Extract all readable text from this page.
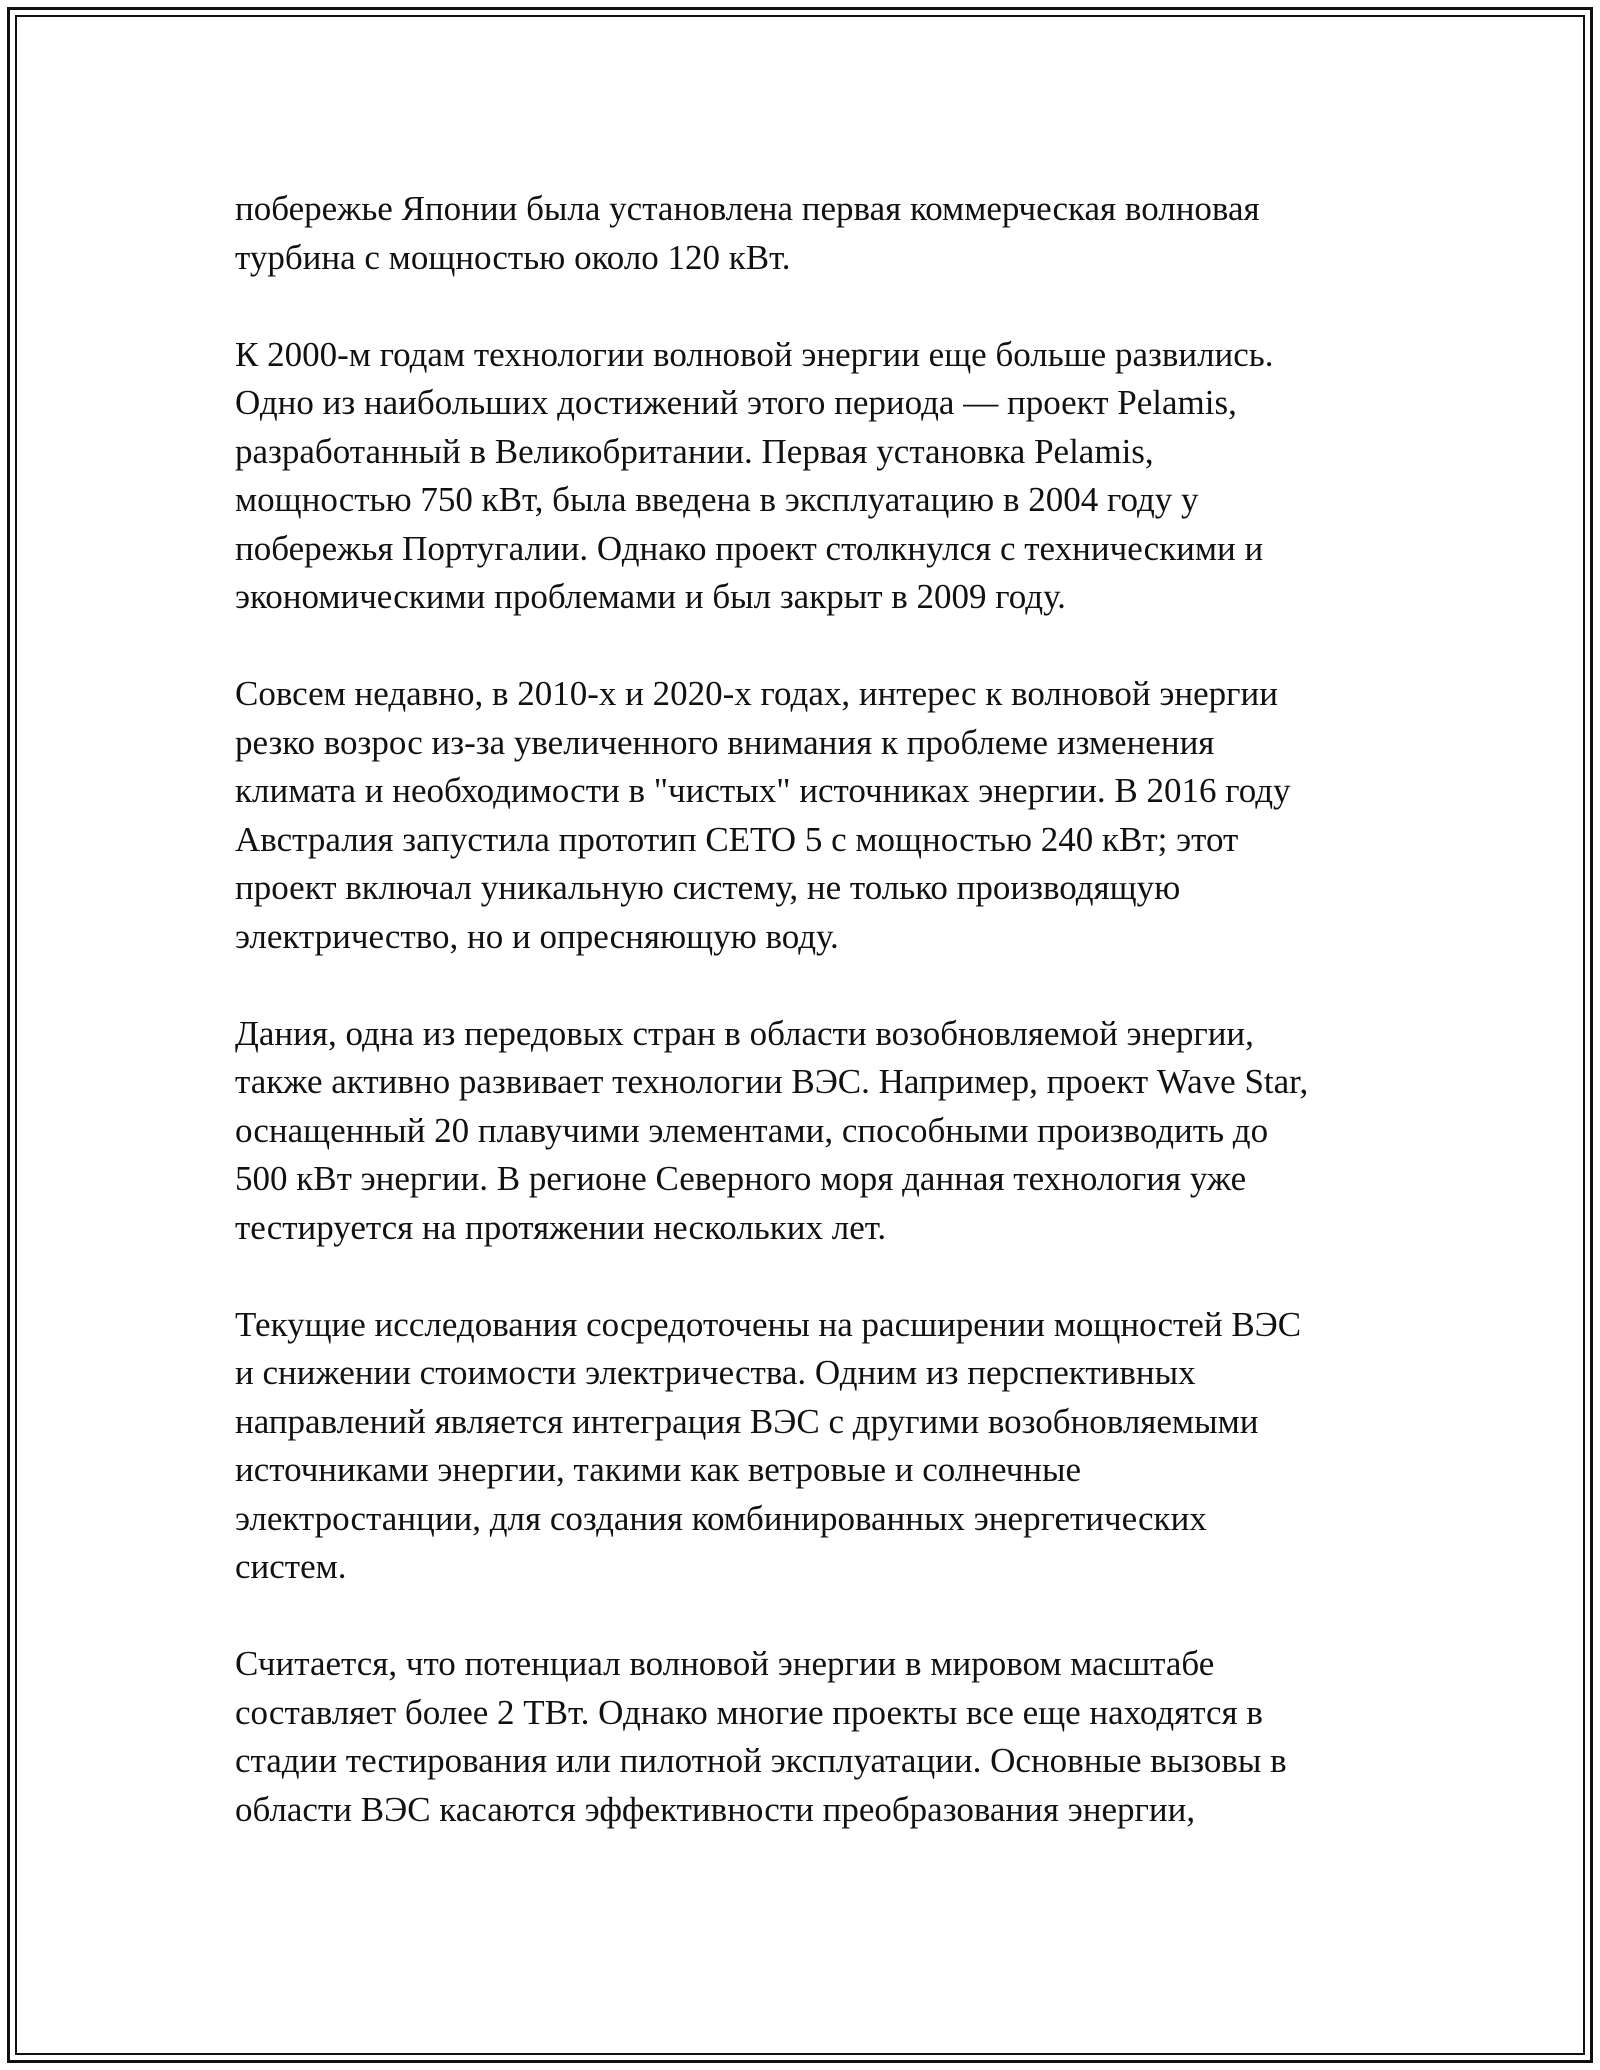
побережье Японии была установлена первая коммерческая волновая
турбина с мощностью около 120 кВт.

К 2000-м годам технологии волновой энергии еще больше развились.
Одно из наибольших достижений этого периода — проект Pelamis,
разработанный в Великобритании. Первая установка Pelamis,
мощностью 750 кВт, была введена в эксплуатацию в 2004 году у
побережья Португалии. Однако проект столкнулся с техническими и
экономическими проблемами и был закрыт в 2009 году.

Совсем недавно, в 2010-х и 2020-х годах, интерес к волновой энергии
резко возрос из-за увеличенного внимания к проблеме изменения
климата и необходимости в "чистых" источниках энергии. В 2016 году
Австралия запустила прототип CETO 5 с мощностью 240 кВт; этот
проект включал уникальную систему, не только производящую
электричество, но и опресняющую воду.

Дания, одна из передовых стран в области возобновляемой энергии,
также активно развивает технологии ВЭС. Например, проект Wave Star,
оснащенный 20 плавучими элементами, способными производить до
500 кВт энергии. В регионе Северного моря данная технология уже
тестируется на протяжении нескольких лет.

Текущие исследования сосредоточены на расширении мощностей ВЭС
и снижении стоимости электричества. Одним из перспективных
направлений является интеграция ВЭС с другими возобновляемыми
источниками энергии, такими как ветровые и солнечные
электростанции, для создания комбинированных энергетических
систем.

Считается, что потенциал волновой энергии в мировом масштабе
составляет более 2 ТВт. Однако многие проекты все еще находятся в
стадии тестирования или пилотной эксплуатации. Основные вызовы в
области ВЭС касаются эффективности преобразования энергии,
